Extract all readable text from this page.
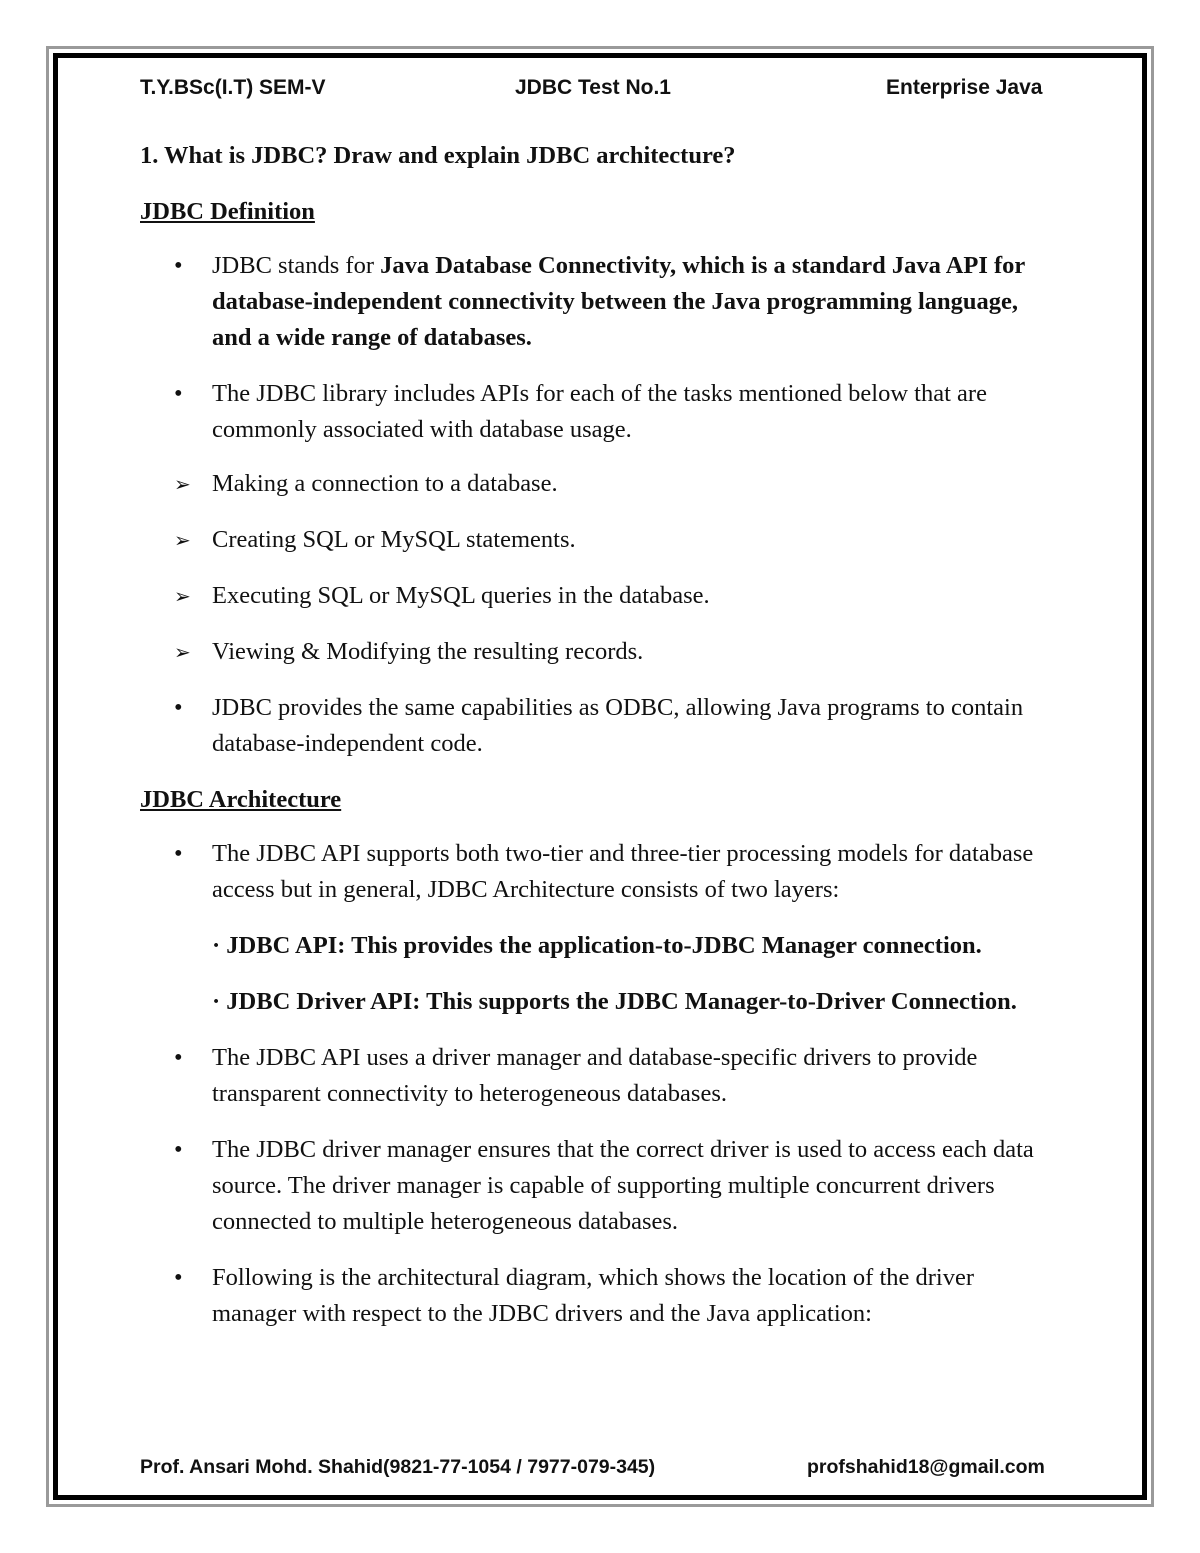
T.Y.BSc(I.T) SEM-V	JDBC Test No.1	Enterprise Java
1. What is JDBC? Draw and explain JDBC architecture?
JDBC Definition
• JDBC stands for Java Database Connectivity, which is a standard Java API for database-independent connectivity between the Java programming language, and a wide range of databases.
• The JDBC library includes APIs for each of the tasks mentioned below that are commonly associated with database usage.
➢ Making a connection to a database.
➢ Creating SQL or MySQL statements.
➢ Executing SQL or MySQL queries in the database.
➢ Viewing & Modifying the resulting records.
• JDBC provides the same capabilities as ODBC, allowing Java programs to contain database-independent code.
JDBC Architecture
• The JDBC API supports both two-tier and three-tier processing models for database access but in general, JDBC Architecture consists of two layers:
· JDBC API: This provides the application-to-JDBC Manager connection.
· JDBC Driver API: This supports the JDBC Manager-to-Driver Connection.
• The JDBC API uses a driver manager and database-specific drivers to provide transparent connectivity to heterogeneous databases.
• The JDBC driver manager ensures that the correct driver is used to access each data source. The driver manager is capable of supporting multiple concurrent drivers connected to multiple heterogeneous databases.
• Following is the architectural diagram, which shows the location of the driver manager with respect to the JDBC drivers and the Java application:
Prof. Ansari Mohd. Shahid(9821-77-1054 / 7977-079-345)	profshahid18@gmail.com
